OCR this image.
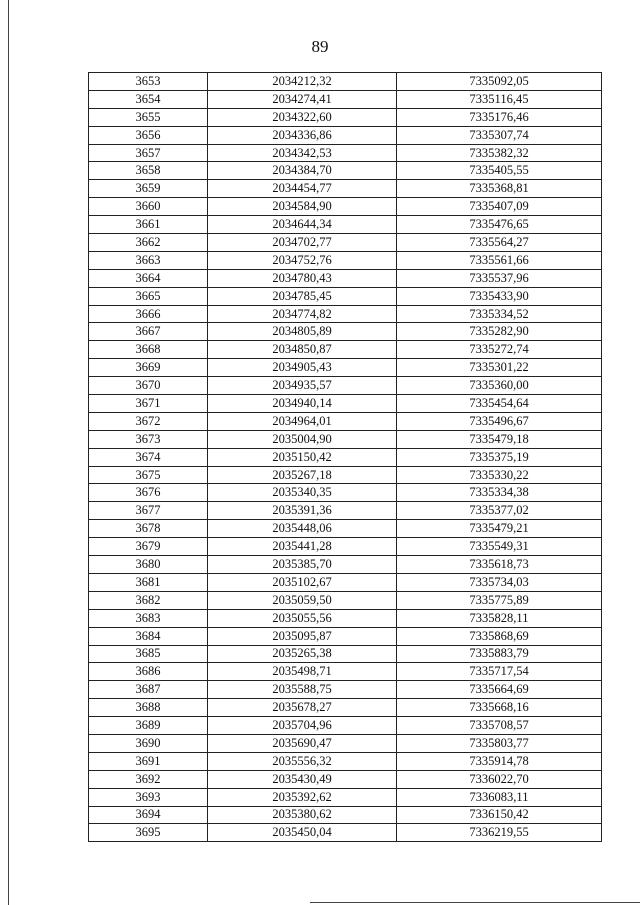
89
3653	2034212,32	7335092,05
3654	2034274,41	7335116,45
3655	2034322,60	7335176,46
3656	2034336,86	7335307,74
3657	2034342,53	7335382,32
3658	2034384,70	7335405,55
3659	2034454,77	7335368,81
3660	2034584,90	7335407,09
3661	2034644,34	7335476,65
3662	2034702,77	7335564,27
3663	2034752,76	7335561,66
3664	2034780,43	7335537,96
3665	2034785,45	7335433,90
3666	2034774,82	7335334,52
3667	2034805,89	7335282,90
3668	2034850,87	7335272,74
3669	2034905,43	7335301,22
3670	2034935,57	7335360,00
3671	2034940,14	7335454,64
3672	2034964,01	7335496,67
3673	2035004,90	7335479,18
3674	2035150,42	7335375,19
3675	2035267,18	7335330,22
3676	2035340,35	7335334,38
3677	2035391,36	7335377,02
3678	2035448,06	7335479,21
3679	2035441,28	7335549,31
3680	2035385,70	7335618,73
3681	2035102,67	7335734,03
3682	2035059,50	7335775,89
3683	2035055,56	7335828,11
3684	2035095,87	7335868,69
3685	2035265,38	7335883,79
3686	2035498,71	7335717,54
3687	2035588,75	7335664,69
3688	2035678,27	7335668,16
3689	2035704,96	7335708,57
3690	2035690,47	7335803,77
3691	2035556,32	7335914,78
3692	2035430,49	7336022,70
3693	2035392,62	7336083,11
3694	2035380,62	7336150,42
3695	2035450,04	7336219,55
